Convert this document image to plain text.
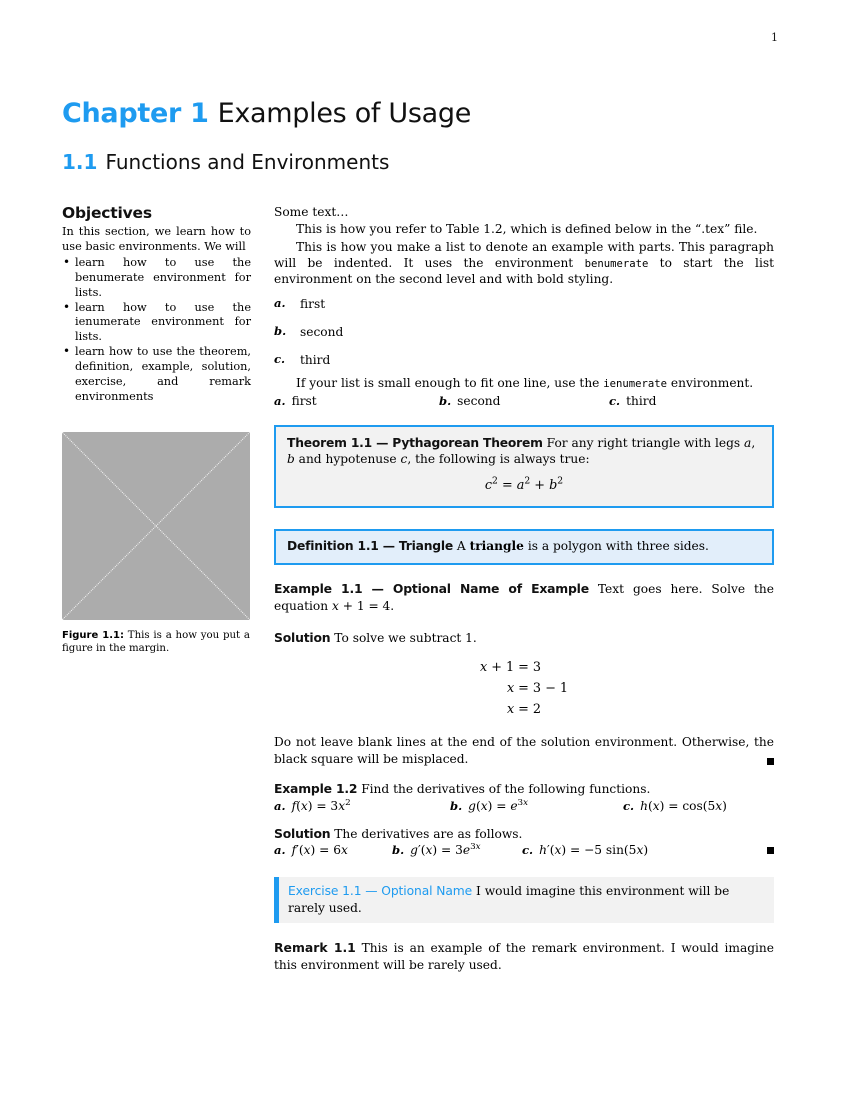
1
Chapter 1 Examples of Usage
1.1 Functions and Environments
Objectives

In this section, we learn how to use basic environments. We will

• learn how to use the benumerate environment for lists.
• learn how to use the ienumerate environment for lists.
• learn how to use the theorem, definition, example, solution, exercise, and remark environments
Figure 1.1: This is a how you put a figure in the margin.

Some text…

This is how you refer to Table 1.2, which is defined below in the “.tex” file.

This is how you make a list to denote an example with parts. This paragraph will be indented. It uses the environment benumerate to start the list environment on the second level and with bold styling.

a. first
b. second
c. third

If your list is small enough to fit one line, use the ienumerate environment.

a. first	b. second	c. third
Theorem 1.1 — Pythagorean Theorem For any right triangle with legs a, b and hypotenuse c, the following is always true:
$c^2 = a^2 + b^2$
Definition 1.1 — Triangle A triangle is a polygon with three sides.
Example 1.1 — Optional Name of Example Text goes here. Solve the equation x + 1 = 4.
Solution To solve we subtract 1.
x + 1	=	3
x	=	3 − 1
x	=	2

Do not leave blank lines at the end of the solution environment. Otherwise, the black square will be misplaced.

Example 1.2 Find the derivatives of the following functions.
a. $f(x) = 3x^2$	b. $g(x) = e^{3x}$	c. h(x) = cos(5x)
Solution The derivatives are as follows.
a. f′(x) = 6x	b. $g'(x) = 3e^{3x}$	c. h′(x) = −5 sin(5x)
Exercise 1.1 — Optional Name I would imagine this environment will be rarely used.
Remark 1.1 This is an example of the remark environment. I would imagine this environment will be rarely used.
